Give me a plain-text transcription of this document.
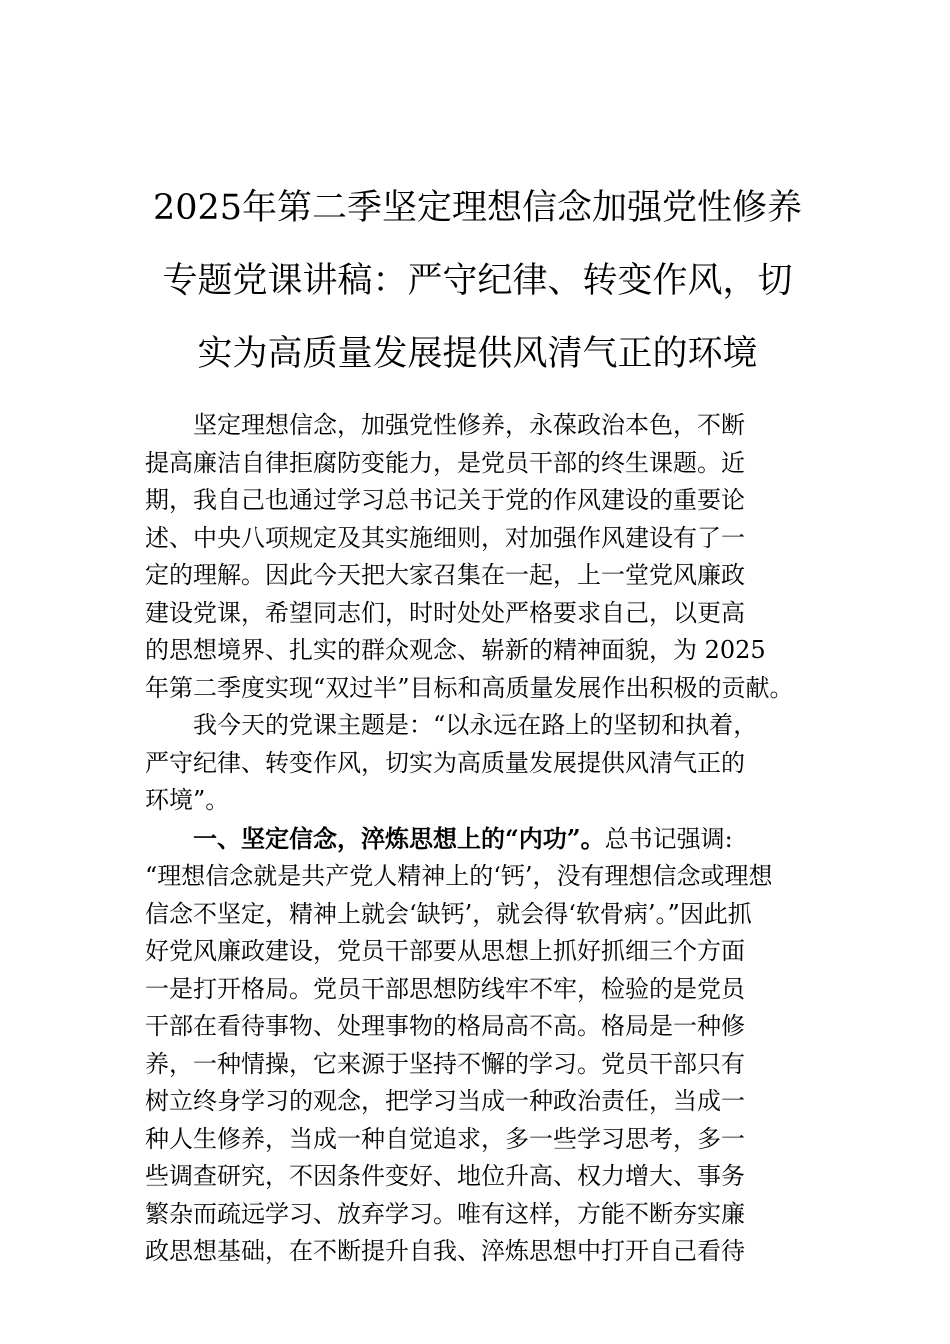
2025年第二季坚定理想信念加强党性修养
专题党课讲稿：严守纪律、转变作风，切
实为高质量发展提供风清气正的环境

坚定理想信念，加强党性修养，永葆政治本色，不断
提高廉洁自律拒腐防变能力，是党员干部的终生课题。近
期，我自己也通过学习总书记关于党的作风建设的重要论
述、中央八项规定及其实施细则，对加强作风建设有了一
定的理解。因此今天把大家召集在一起，上一堂党风廉政
建设党课，希望同志们，时时处处严格要求自己，以更高
的思想境界、扎实的群众观念、崭新的精神面貌，为 2025
年第二季度实现“双过半”目标和高质量发展作出积极的贡献。

我今天的党课主题是：“以永远在路上的坚韧和执着，
严守纪律、转变作风，切实为高质量发展提供风清气正的
环境”。

一、坚定信念，淬炼思想上的“内功”。总书记强调:
“理想信念就是共产党人精神上的‘钙’，没有理想信念或理想
信念不坚定，精神上就会‘缺钙’，就会得‘软骨病’。”因此抓
好党风廉政建设，党员干部要从思想上抓好抓细三个方面
一是打开格局。党员干部思想防线牢不牢，检验的是党员
干部在看待事物、处理事物的格局高不高。格局是一种修
养，一种情操，它来源于坚持不懈的学习。党员干部只有
树立终身学习的观念，把学习当成一种政治责任，当成一
种人生修养，当成一种自觉追求，多一些学习思考，多一
些调查研究，不因条件变好、地位升高、权力增大、事务
繁杂而疏远学习、放弃学习。唯有这样，方能不断夯实廉
政思想基础，在不断提升自我、淬炼思想中打开自己看待
